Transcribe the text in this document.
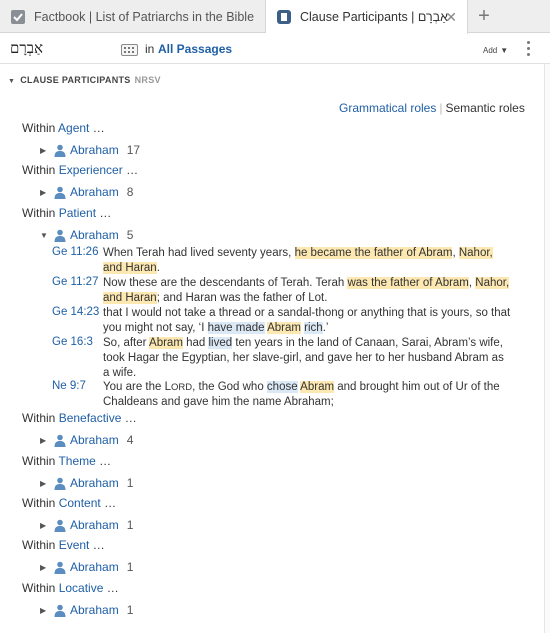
Factbook | List of Patriarchs in the Bible	Clause Participants | אַבְרָם
✕	+
אַבְרָם	in All Passages	Add ▼
▼ CLAUSE PARTICIPANTS NRSV
Grammatical roles | Semantic roles
Within Agent …
▶	Abraham 17
Within Experiencer …
▶	Abraham 8
Within Patient …
▼ Abraham 5
Within Benefactive …
▶	Abraham 4
Within Theme …
▶	Abraham 1
Within Content …
▶	Abraham 1
Within Event …
▶	Abraham 1
Within Locative …
▶	Abraham 1
Ge 11:26 When Terah had lived seventy years, he became the father of Abram, Nahor, and Haran.
Ge 11:27 Now these are the descendants of Terah. Terah was the father of Abram, Nahor, and Haran; and Haran was the father of Lot.
Ge 14:23 that I would not take a thread or a sandal-thong or anything that is yours, so that you might not say, ‘I have made Abram rich.’
Ge 16:3 So, after Abram had lived ten years in the land of Canaan, Sarai, Abram’s wife, took Hagar the Egyptian, her slave-girl, and gave her to her husband Abram as a wife.
Ne 9:7 You are the LORD, the God who chose Abram and brought him out of Ur of the Chaldeans and gave him the name Abraham;
